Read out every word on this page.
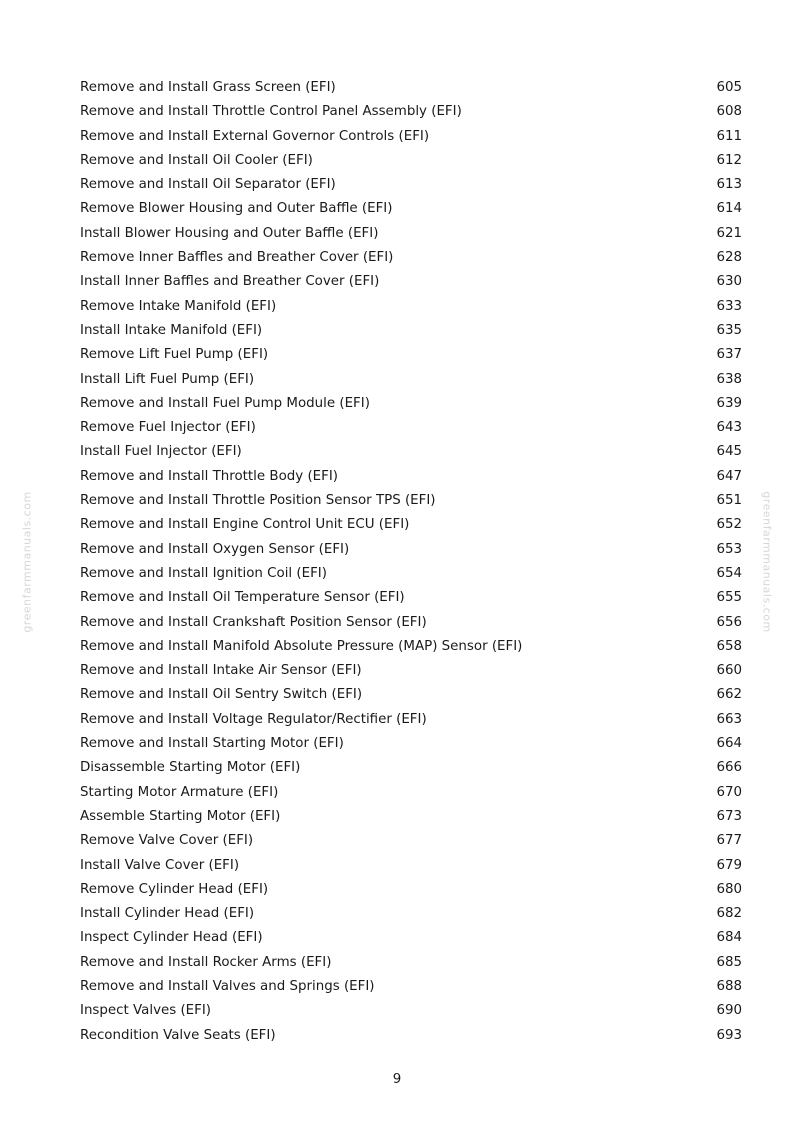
greenfarmmanuals.com	greenfarmmanuals.com
Remove and Install Grass Screen (EFI)	605
Remove and Install Throttle Control Panel Assembly (EFI)	608
Remove and Install External Governor Controls (EFI)	611
Remove and Install Oil Cooler (EFI)	612
Remove and Install Oil Separator (EFI)	613
Remove Blower Housing and Outer Baffle (EFI)	614
Install Blower Housing and Outer Baffle (EFI)	621
Remove Inner Baffles and Breather Cover (EFI)	628
Install Inner Baffles and Breather Cover (EFI)	630
Remove Intake Manifold (EFI)	633
Install Intake Manifold (EFI)	635
Remove Lift Fuel Pump (EFI)	637
Install Lift Fuel Pump (EFI)	638
Remove and Install Fuel Pump Module (EFI)	639
Remove Fuel Injector (EFI)	643
Install Fuel Injector (EFI)	645
Remove and Install Throttle Body (EFI)	647
Remove and Install Throttle Position Sensor TPS (EFI)	651
Remove and Install Engine Control Unit ECU (EFI)	652
Remove and Install Oxygen Sensor (EFI)	653
Remove and Install Ignition Coil (EFI)	654
Remove and Install Oil Temperature Sensor (EFI)	655
Remove and Install Crankshaft Position Sensor (EFI)	656
Remove and Install Manifold Absolute Pressure (MAP) Sensor (EFI)	658
Remove and Install Intake Air Sensor (EFI)	660
Remove and Install Oil Sentry Switch (EFI)	662
Remove and Install Voltage Regulator/Rectifier (EFI)	663
Remove and Install Starting Motor (EFI)	664
Disassemble Starting Motor (EFI)	666
Starting Motor Armature (EFI)	670
Assemble Starting Motor (EFI)	673
Remove Valve Cover (EFI)	677
Install Valve Cover (EFI)	679
Remove Cylinder Head (EFI)	680
Install Cylinder Head (EFI)	682
Inspect Cylinder Head (EFI)	684
Remove and Install Rocker Arms (EFI)	685
Remove and Install Valves and Springs (EFI)	688
Inspect Valves (EFI)	690
Recondition Valve Seats (EFI)	693
9
